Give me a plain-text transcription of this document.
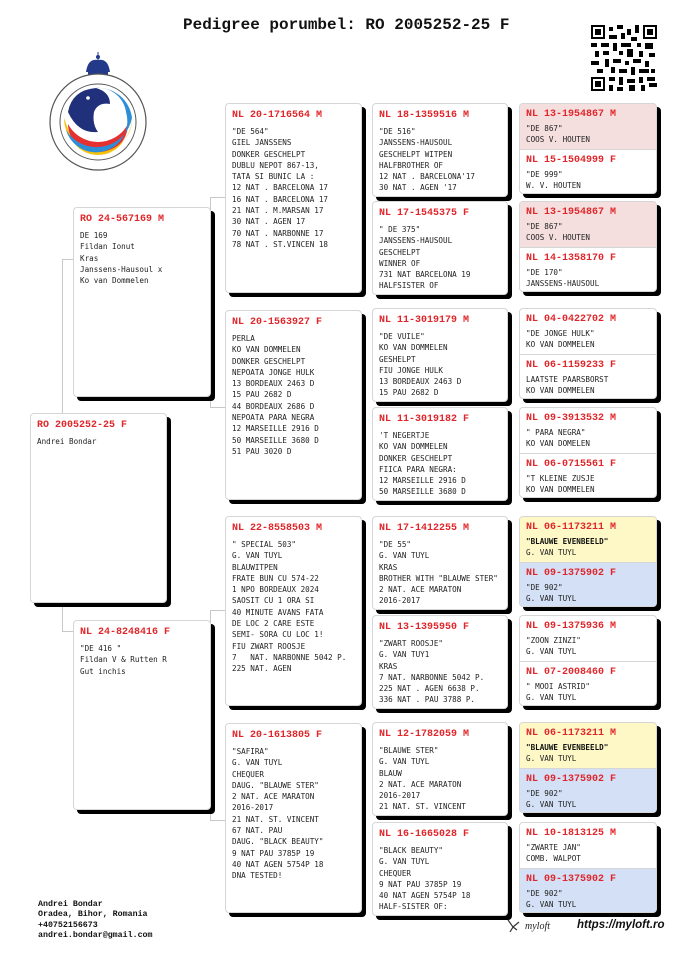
Pedigree porumbel: RO 2005252-25 F
RO 2005252-25 F
Andrei Bondar
RO 24-567169 M
DE 169
Fildan Ionut
Kras
Janssens-Hausoul x
Ko van Dommelen
NL 24-8248416 F
"DE 416 "
Fildan V & Rutten R
Gut inchis
NL 20-1716564 M
"DE 564"
GIEL JANSSENS
DONKER GESCHELPT
DUBLU NEPOT 867-13,
TATA SI BUNIC LA :
12 NAT . BARCELONA 17
16 NAT . BARCELONA 17
21 NAT . M.MARSAN 17
30 NAT . AGEN 17
70 NAT . NARBONNE 17
78 NAT . ST.VINCEN 18
NL 20-1563927 F
PERLA
KO VAN DOMMELEN
DONKER GESCHELPT
NEPOATA JONGE HULK
13 BORDEAUX 2463 D
15 PAU 2682 D
44 BORDEAUX 2686 D
NEPOATA PARA NEGRA
12 MARSEILLE 2916 D
50 MARSEILLE 3680 D
51 PAU 3020 D
NL 22-8558503 M
" SPECIAL 503"
G. VAN TUYL
BLAUWITPEN
FRATE BUN CU 574-22
1 NPO BORDEAUX 2024
SAOSIT CU 1 ORA SI
40 MINUTE AVANS FATA
DE LOC 2 CARE ESTE
SEMI- SORA CU LOC 1!
FIU ZWART ROOSJE
7   NAT. NARBONNE 5042 P.
225 NAT. AGEN
NL 20-1613805 F
"SAFIRA"
G. VAN TUYL
CHEQUER
DAUG. "BLAUWE STER"
2 NAT. ACE MARATON
2016-2017
21 NAT. ST. VINCENT
67 NAT. PAU
DAUG. "BLACK BEAUTY"
9 NAT PAU 3785P 19
40 NAT AGEN 5754P 18
DNA TESTED!
NL 18-1359516 M
"DE 516"
JANSSENS-HAUSOUL
GESCHELPT WITPEN
HALFBROTHER OF
12 NAT . BARCELONA'17
30 NAT . AGEN '17
NL 17-1545375 F
" DE 375"
JANSSENS-HAUSOUL
GESCHELPT
WINNER OF
731 NAT BARCELONA 19
HALFSISTER OF
NL 11-3019179 M
"DE VUILE"
KO VAN DOMMELEN
GESHELPT
FIU JONGE HULK
13 BORDEAUX 2463 D
15 PAU 2682 D
NL 11-3019182 F
'T NEGERTJE
KO VAN DOMMELEN
DONKER GESCHELPT
FIICA PARA NEGRA:
12 MARSEILLE 2916 D
50 MARSEILLE 3680 D
NL 17-1412255 M
"DE 55"
G. VAN TUYL
KRAS
BROTHER WITH "BLAUWE STER"
2 NAT. ACE MARATON
2016-2017
NL 13-1395950 F
"ZWART ROOSJE"
G. VAN TUY1
KRAS
7 NAT. NARBONNE 5042 P.
225 NAT . AGEN 6638 P.
336 NAT . PAU 3788 P.
NL 12-1782059 M
"BLAUWE STER"
G. VAN TUYL
BLAUW
2 NAT. ACE MARATON
2016-2017
21 NAT. ST. VINCENT
NL 16-1665028 F
"BLACK BEAUTY"
G. VAN TUYL
CHEQUER
9 NAT PAU 3785P 19
40 NAT AGEN 5754P 18
HALF-SISTER OF:
NL 13-1954867 M
"DE 867"
COOS V. HOUTEN
NL 15-1504999 F
"DE 999"
W. V. HOUTEN
NL 13-1954867 M
"DE 867"
COOS V. HOUTEN
NL 14-1358170 F
"DE 170"
JANSSENS-HAUSOUL
NL 04-0422702 M
"DE JONGE HULK"
KO VAN DOMMELEN
NL 06-1159233 F
LAATSTE PAARSBORST
KO VAN DOMMELEN
NL 09-3913532 M
" PARA NEGRA"
KO VAN DOMELEN
NL 06-0715561 F
"T KLEINE ZUSJE
KO VAN DOMMELEN
NL 06-1173211 M
"BLAUWE EVENBEELD"
G. VAN TUYL
NL 09-1375902 F
"DE 902"
G. VAN TUYL
NL 09-1375936 M
"ZOON ZINZI"
G. VAN TUYL
NL 07-2008460 F
" MOOI ASTRID"
G. VAN TUYL
NL 06-1173211 M
"BLAUWE EVENBEELD"
G. VAN TUYL
NL 09-1375902 F
"DE 902"
G. VAN TUYL
NL 10-1813125 M
"ZWARTE JAN"
COMB. WALPOT
NL 09-1375902 F
"DE 902"
G. VAN TUYL
Andrei Bondar
Oradea, Bihor, Romania
+40752156673
andrei.bondar@gmail.com
myloft https://myloft.ro
